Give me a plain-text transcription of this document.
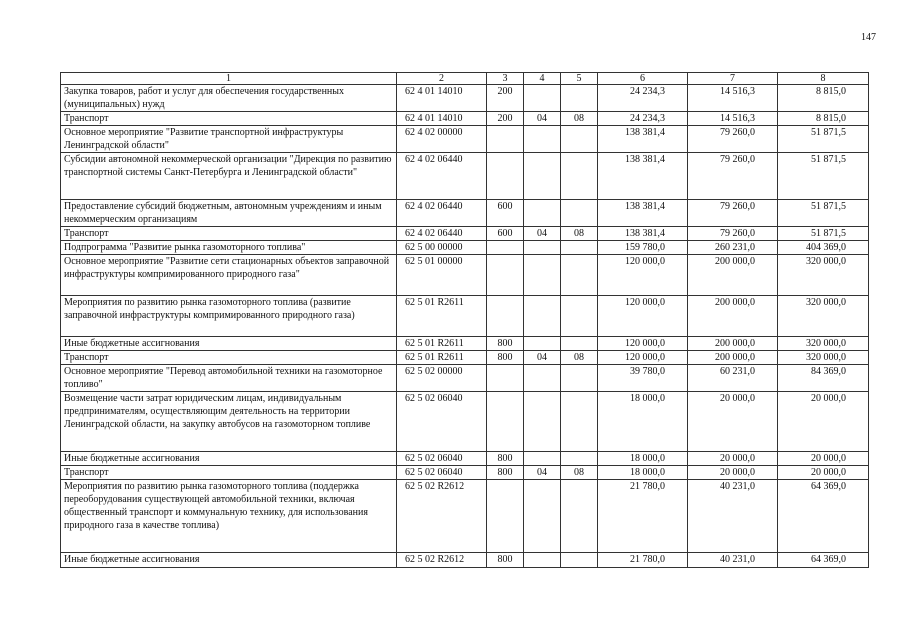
147
1	2	3	4	5	6	7	8
Закупка товаров, работ и услуг для обеспечения государственных (муниципальных) нужд	62 4 01 14010	200			24 234,3	14 516,3	8 815,0
Транспорт	62 4 01 14010	200	04	08	24 234,3	14 516,3	8 815,0
Основное мероприятие "Развитие транспортной инфраструктуры Ленинградской области"	62 4 02 00000				138 381,4	79 260,0	51 871,5
Субсидии автономной некоммерческой организации "Дирекция по развитию транспортной системы Санкт-Петербурга и Ленинградской области"	62 4 02 06440				138 381,4	79 260,0	51 871,5
Предоставление субсидий бюджетным, автономным учреждениям и иным некоммерческим организациям	62 4 02 06440	600			138 381,4	79 260,0	51 871,5
Транспорт	62 4 02 06440	600	04	08	138 381,4	79 260,0	51 871,5
Подпрограмма "Развитие рынка газомоторного топлива"	62 5 00 00000				159 780,0	260 231,0	404 369,0
Основное мероприятие "Развитие сети стационарных объектов заправочной инфраструктуры компримированного природного газа"	62 5 01 00000				120 000,0	200 000,0	320 000,0
Мероприятия по развитию рынка газомоторного топлива (развитие заправочной инфраструктуры компримированного природного газа)	62 5 01 R2611				120 000,0	200 000,0	320 000,0
Иные бюджетные ассигнования	62 5 01 R2611	800			120 000,0	200 000,0	320 000,0
Транспорт	62 5 01 R2611	800	04	08	120 000,0	200 000,0	320 000,0
Основное мероприятие "Перевод автомобильной техники на газомоторное топливо"	62 5 02 00000				39 780,0	60 231,0	84 369,0
Возмещение части затрат юридическим лицам, индивидуальным предпринимателям, осуществляющим деятельность на территории Ленинградской области, на закупку автобусов на газомоторном топливе	62 5 02 06040				18 000,0	20 000,0	20 000,0
Иные бюджетные ассигнования	62 5 02 06040	800			18 000,0	20 000,0	20 000,0
Транспорт	62 5 02 06040	800	04	08	18 000,0	20 000,0	20 000,0
Мероприятия по развитию рынка газомоторного топлива (поддержка переоборудования существующей автомобильной техники, включая общественный транспорт и коммунальную технику, для использования природного газа в качестве топлива)	62 5 02 R2612				21 780,0	40 231,0	64 369,0
Иные бюджетные ассигнования	62 5 02 R2612	800			21 780,0	40 231,0	64 369,0
